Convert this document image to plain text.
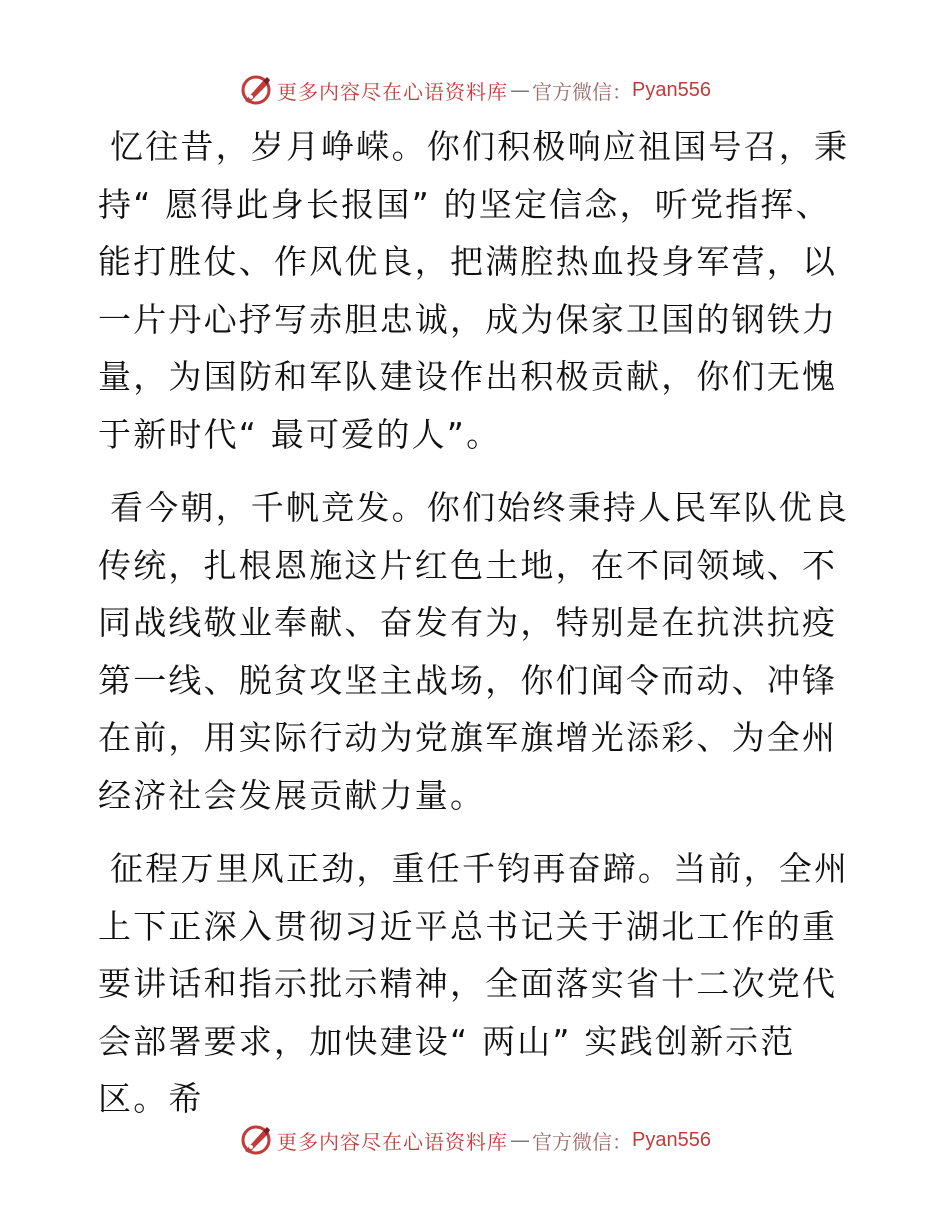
更多内容尽在心语资料库 — 官方微信： Pyan556

忆往昔，岁月峥嵘。你们积极响应祖国号召，秉持“ 愿得此身长报国” 的坚定信念，听党指挥、能打胜仗、作风优良，把满腔热血投身军营，以一片丹心抒写赤胆忠诚，成为保家卫国的钢铁力量，为国防和军队建设作出积极贡献，你们无愧于新时代“ 最可爱的人”。

看今朝，千帆竞发。你们始终秉持人民军队优良传统，扎根恩施这片红色土地，在不同领域、不同战线敬业奉献、奋发有为，特别是在抗洪抗疫第一线、脱贫攻坚主战场，你们闻令而动、冲锋在前，用实际行动为党旗军旗增光添彩、为全州经济社会发展贡献力量。

征程万里风正劲，重任千钧再奋蹄。当前，全州上下正深入贯彻习近平总书记关于湖北工作的重要讲话和指示批示精神，全面落实省十二次党代会部署要求，加快建设“ 两山” 实践创新示范区。希

更多内容尽在心语资料库 — 官方微信： Pyan556
